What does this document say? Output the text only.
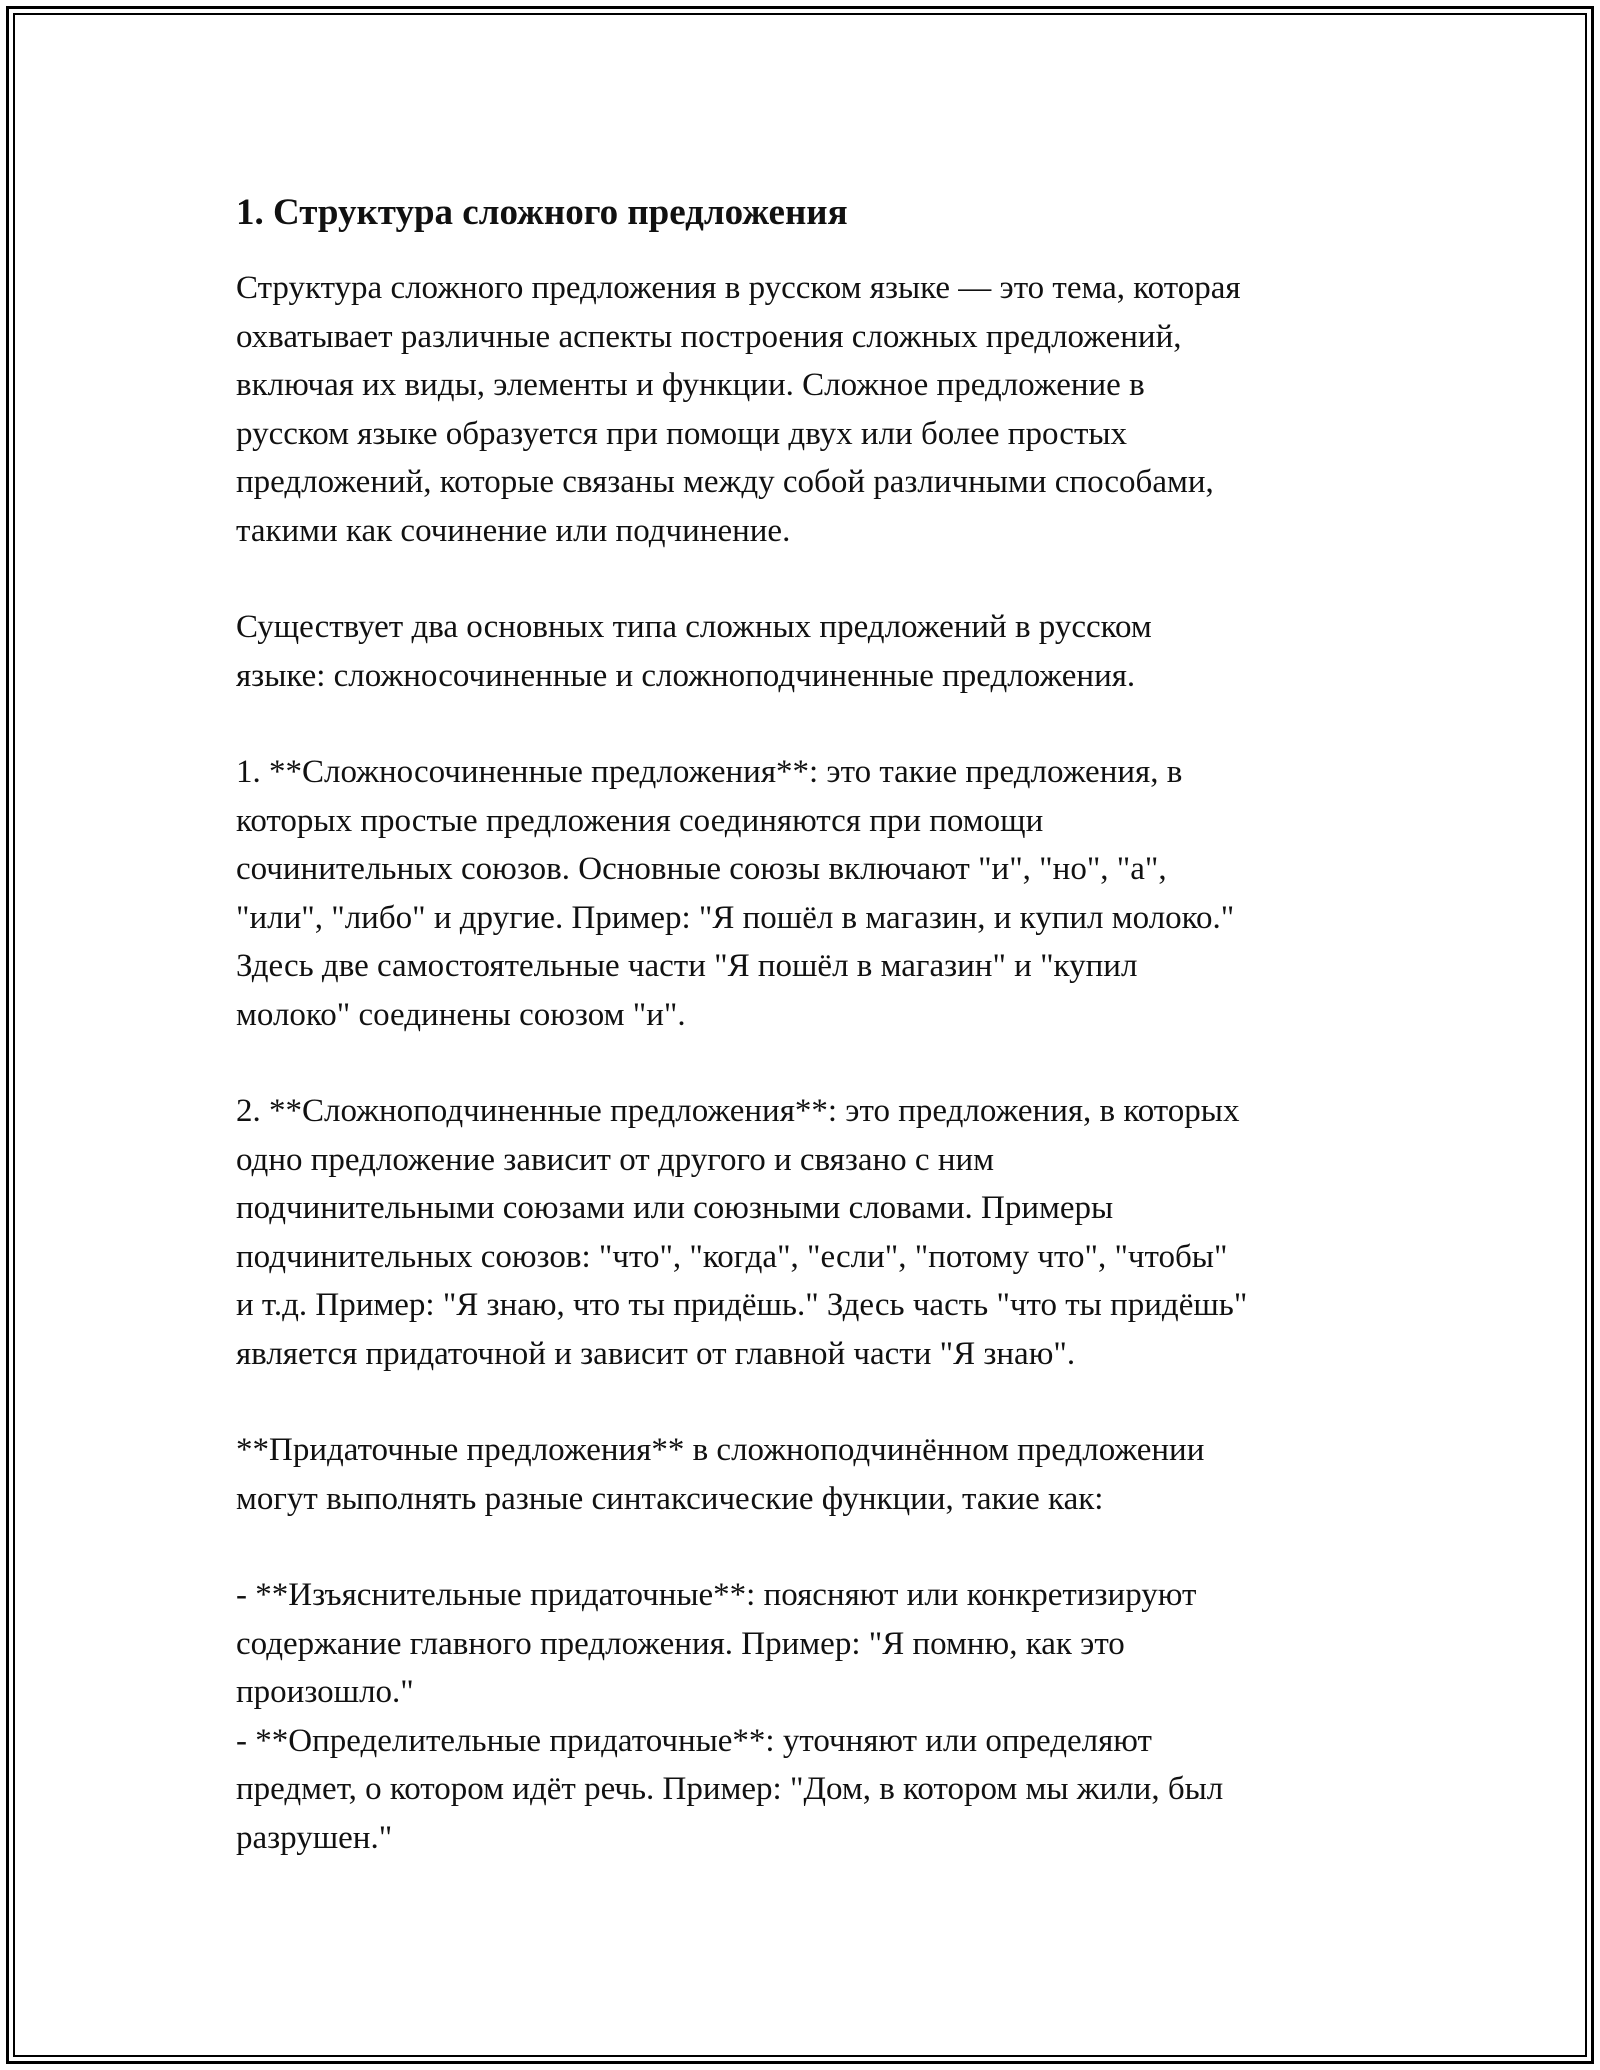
1. Структура сложного предложения

Структура сложного предложения в русском языке — это тема, которая
охватывает различные аспекты построения сложных предложений,
включая их виды, элементы и функции. Сложное предложение в
русском языке образуется при помощи двух или более простых
предложений, которые связаны между собой различными способами,
такими как сочинение или подчинение.

Существует два основных типа сложных предложений в русском
языке: сложносочиненные и сложноподчиненные предложения.

1. **Сложносочиненные предложения**: это такие предложения, в
которых простые предложения соединяются при помощи
сочинительных союзов. Основные союзы включают "и", "но", "а",
"или", "либо" и другие. Пример: "Я пошёл в магазин, и купил молоко."
Здесь две самостоятельные части "Я пошёл в магазин" и "купил
молоко" соединены союзом "и".

2. **Сложноподчиненные предложения**: это предложения, в которых
одно предложение зависит от другого и связано с ним
подчинительными союзами или союзными словами. Примеры
подчинительных союзов: "что", "когда", "если", "потому что", "чтобы"
и т.д. Пример: "Я знаю, что ты придёшь." Здесь часть "что ты придёшь"
является придаточной и зависит от главной части "Я знаю".

**Придаточные предложения** в сложноподчинённом предложении
могут выполнять разные синтаксические функции, такие как:

- **Изъяснительные придаточные**: поясняют или конкретизируют
содержание главного предложения. Пример: "Я помню, как это
произошло."
- **Определительные придаточные**: уточняют или определяют
предмет, о котором идёт речь. Пример: "Дом, в котором мы жили, был
разрушен."
